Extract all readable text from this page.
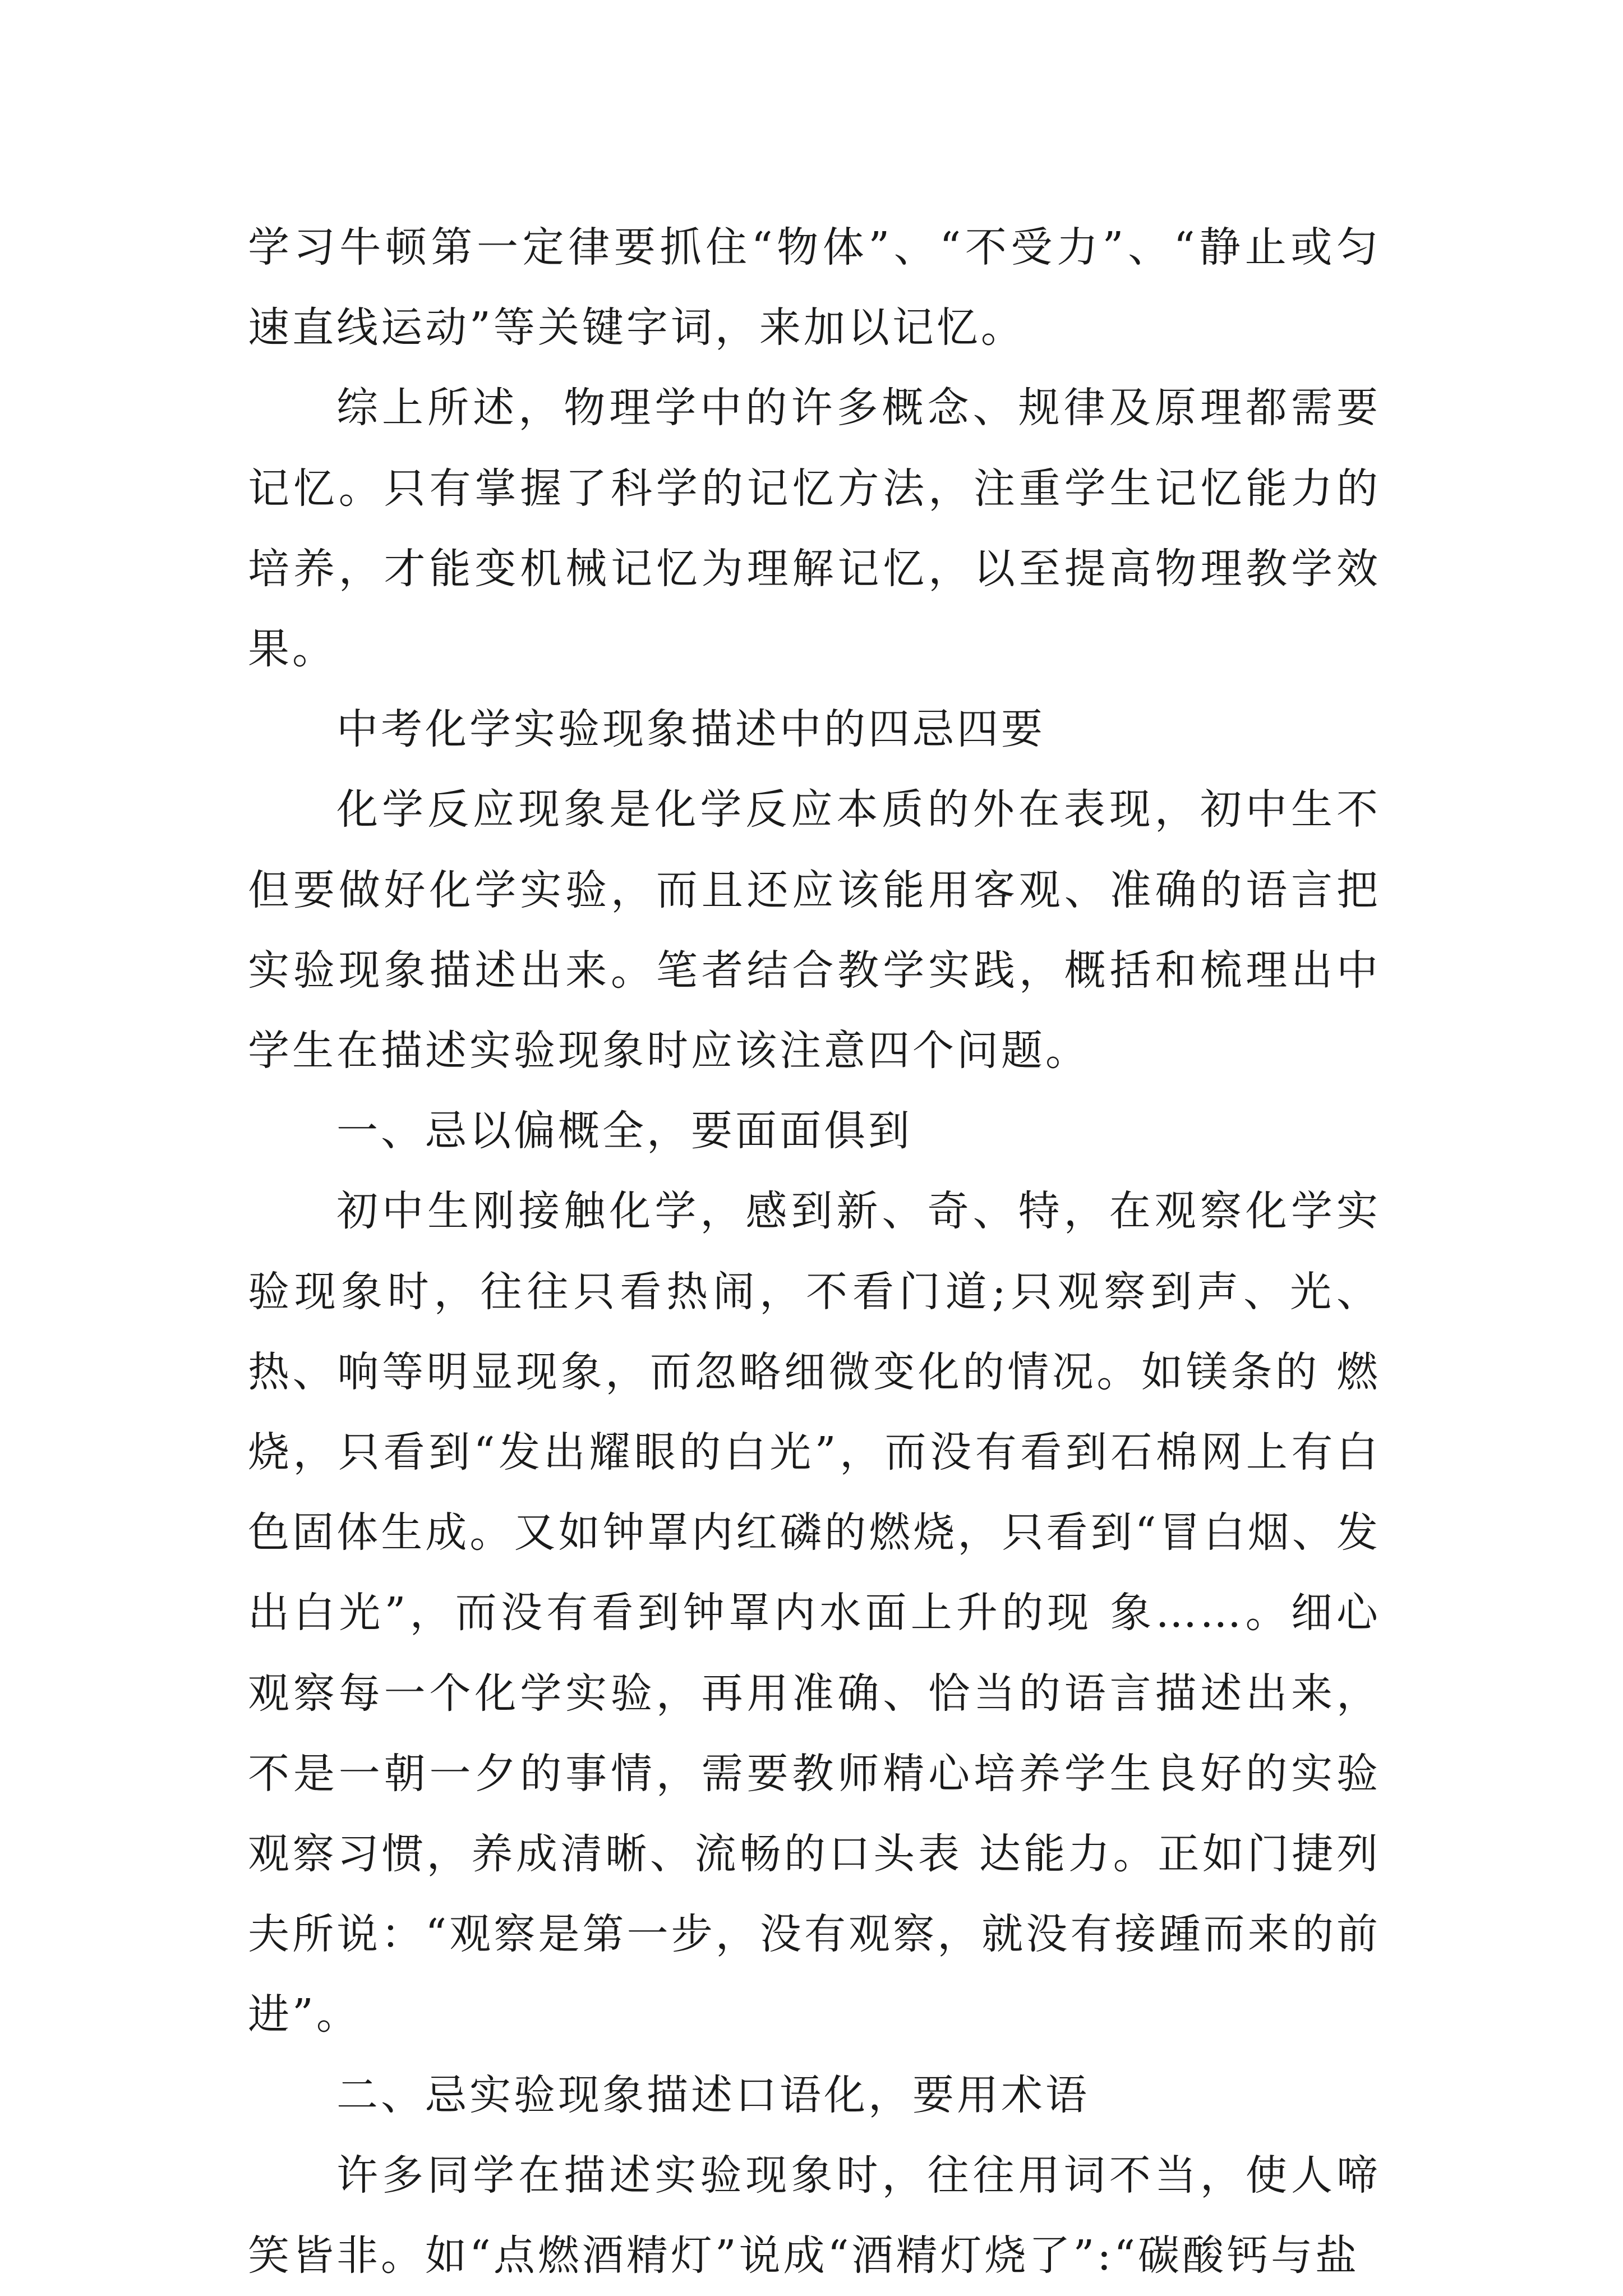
学习牛顿第一定律要抓住“物体”、“不受力”、“静止或匀速直线运动”等关键字词，来加以记忆。

综上所述，物理学中的许多概念、规律及原理都需要记忆。只有掌握了科学的记忆方法，注重学生记忆能力的培养，才能变机械记忆为理解记忆，以至提高物理教学效果。

中考化学实验现象描述中的四忌四要

化学反应现象是化学反应本质的外在表现，初中生不但要做好化学实验，而且还应该能用客观、准确的语言把实验现象描述出来。笔者结合教学实践，概括和梳理出中学生在描述实验现象时应该注意四个问题。

一、忌以偏概全，要面面俱到

初中生刚接触化学，感到新、奇、特，在观察化学实验现象时，往往只看热闹，不看门道;只观察到声、光、热、响等明显现象，而忽略细微变化的情况。如镁条的 燃烧，只看到“发出耀眼的白光”，而没有看到石棉网上有白色固体生成。又如钟罩内红磷的燃烧，只看到“冒白烟、发出白光”，而没有看到钟罩内水面上升的现 象……。细心观察每一个化学实验，再用准确、恰当的语言描述出来，不是一朝一夕的事情，需要教师精心培养学生良好的实验观察习惯，养成清晰、流畅的口头表 达能力。正如门捷列夫所说：“观察是第一步，没有观察，就没有接踵而来的前进”。

二、忌实验现象描述口语化，要用术语

许多同学在描述实验现象时，往往用词不当，使人啼笑皆非。如“点燃酒精灯”说成“酒精灯烧了”:“碳酸钙与盐
